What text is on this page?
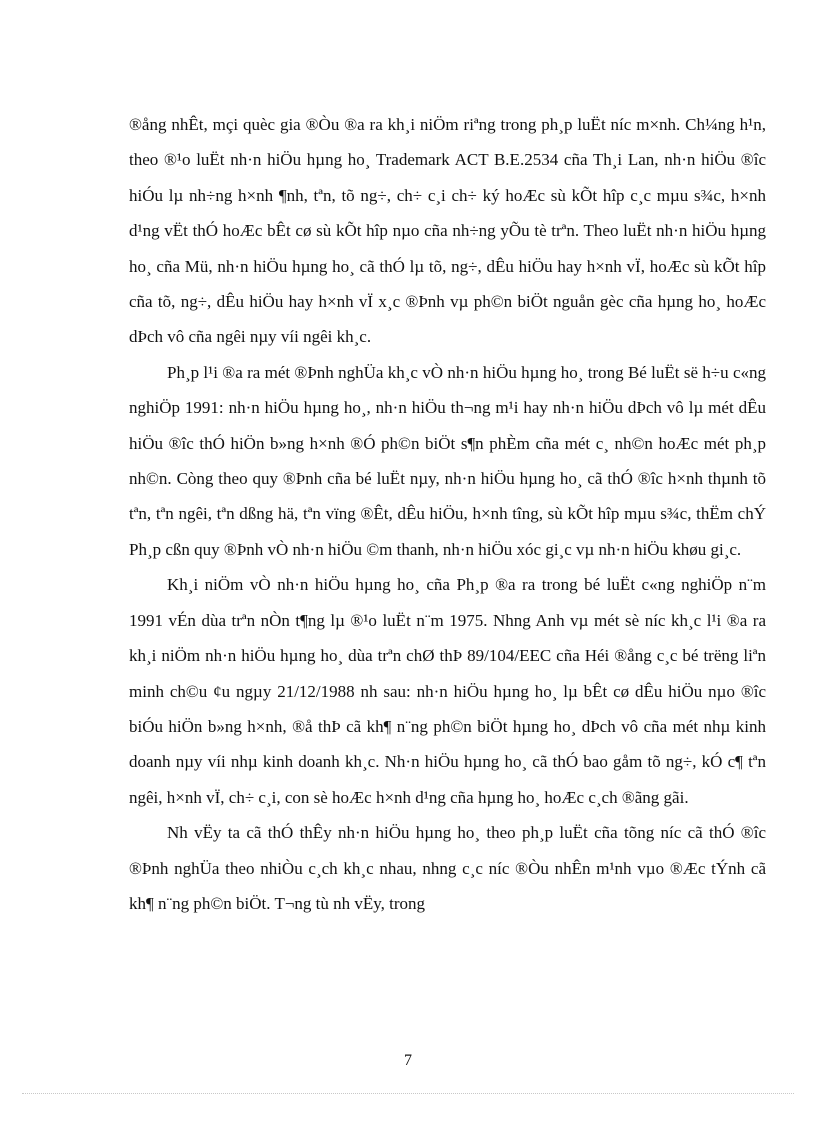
®ång nhÊt, mçi quèc gia ®Òu ®a ra kh¸i niÖm riªng trong ph¸p luËt níc m×nh. Ch¼ng h¹n, theo ®¹o luËt nh·n hiÖu hµng ho¸ Trademark ACT B.E.2534 cña Th¸i Lan, nh·n hiÖu ®îc hiÓu lµ nh÷ng h×nh ¶nh, tªn, tõ ng÷, ch÷ c¸i ch÷ ký hoÆc sù kÕt hîp c¸c mµu s¾c, h×nh d¹ng vËt thÓ hoÆc bÊt cø sù kÕt hîp nµo cña nh÷ng yÕu tè trªn. Theo luËt nh·n hiÖu hµng ho¸ cña Mü, nh·n hiÖu hµng ho¸ cã thÓ lµ tõ, ng÷, dÊu hiÖu hay h×nh vÏ, hoÆc sù kÕt hîp cña tõ, ng÷, dÊu hiÖu hay h×nh vÏ x¸c ®Þnh vµ ph©n biÖt nguån gèc cña hµng ho¸ hoÆc dÞch vô cña ngêi nµy víi ngêi kh¸c.

Ph¸p l¹i ®a ra mét ®Þnh nghÜa kh¸c vÒ nh·n hiÖu hµng ho¸ trong Bé luËt së h÷u c«ng nghiÖp 1991: nh·n hiÖu hµng ho¸, nh·n hiÖu th¬ng m¹i hay nh·n hiÖu dÞch vô lµ mét dÊu hiÖu ®îc thÓ hiÖn b»ng h×nh ®Ó ph©n biÖt s¶n phÈm cña mét c¸ nh©n hoÆc mét ph¸p nh©n. Còng theo quy ®Þnh cña bé luËt nµy, nh·n hiÖu hµng ho¸ cã thÓ ®îc h×nh thµnh tõ tªn, tªn ngêi, tªn dßng hä, tªn vïng ®Êt, dÊu hiÖu, h×nh tîng, sù kÕt hîp mµu s¾c, thËm chÝ Ph¸p cßn quy ®Þnh vÒ nh·n hiÖu ©m thanh, nh·n hiÖu xóc gi¸c vµ nh·n hiÖu khøu gi¸c.

Kh¸i niÖm vÒ nh·n hiÖu hµng ho¸ cña Ph¸p ®a ra trong bé luËt c«ng nghiÖp n¨m 1991 vÉn dùa trªn nÒn t¶ng lµ ®¹o luËt n¨m 1975. Nhng Anh vµ mét sè níc kh¸c l¹i ®a ra kh¸i niÖm nh·n hiÖu hµng ho¸ dùa trªn chØ thÞ 89/104/EEC cña Héi ®ång c¸c bé trëng liªn minh ch©u ¢u ngµy 21/12/1988 nh sau: nh·n hiÖu hµng ho¸ lµ bÊt cø dÊu hiÖu nµo ®îc biÓu hiÖn b»ng h×nh, ®å thÞ cã kh¶ n¨ng ph©n biÖt hµng ho¸ dÞch vô cña mét nhµ kinh doanh nµy víi nhµ kinh doanh kh¸c. Nh·n hiÖu hµng ho¸ cã thÓ bao gåm tõ ng÷, kÓ c¶ tªn ngêi, h×nh vÏ, ch÷ c¸i, con sè hoÆc h×nh d¹ng cña hµng ho¸ hoÆc c¸ch ®ãng gãi.

Nh vËy ta cã thÓ thÊy nh·n hiÖu hµng ho¸ theo ph¸p luËt cña tõng níc cã thÓ ®îc ®Þnh nghÜa theo nhiÒu c¸ch kh¸c nhau, nhng c¸c níc ®Òu nhÊn m¹nh vµo ®Æc tÝnh cã kh¶ n¨ng ph©n biÖt. T¬ng tù nh vËy, trong

7
